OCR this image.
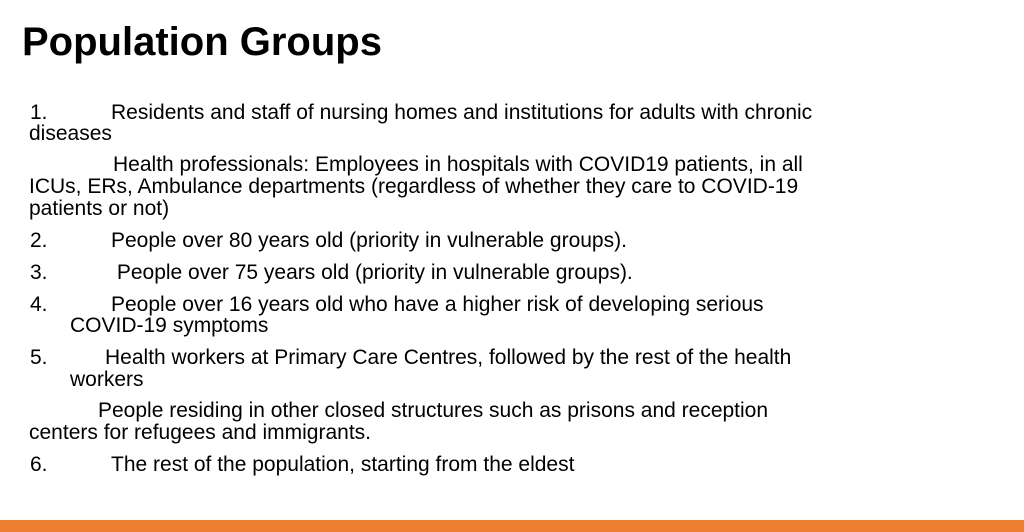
Population Groups
1.	Residents and staff of nursing homes and institutions for adults with chronic
diseases
Health professionals: Employees in hospitals with COVID19 patients, in all
ICUs, ERs, Ambulance departments (regardless of whether they care to COVID-19
patients or not)
2.	People over 80 years old (priority in vulnerable groups).
3.	People over 75 years old (priority in vulnerable groups).
4.	People over 16 years old who have a higher risk of developing serious
COVID-19 symptoms
5.	Health workers at Primary Care Centres, followed by the rest of the health
workers
People residing in other closed structures such as prisons and reception
centers for refugees and immigrants.
6.	The rest of the population, starting from the eldest
